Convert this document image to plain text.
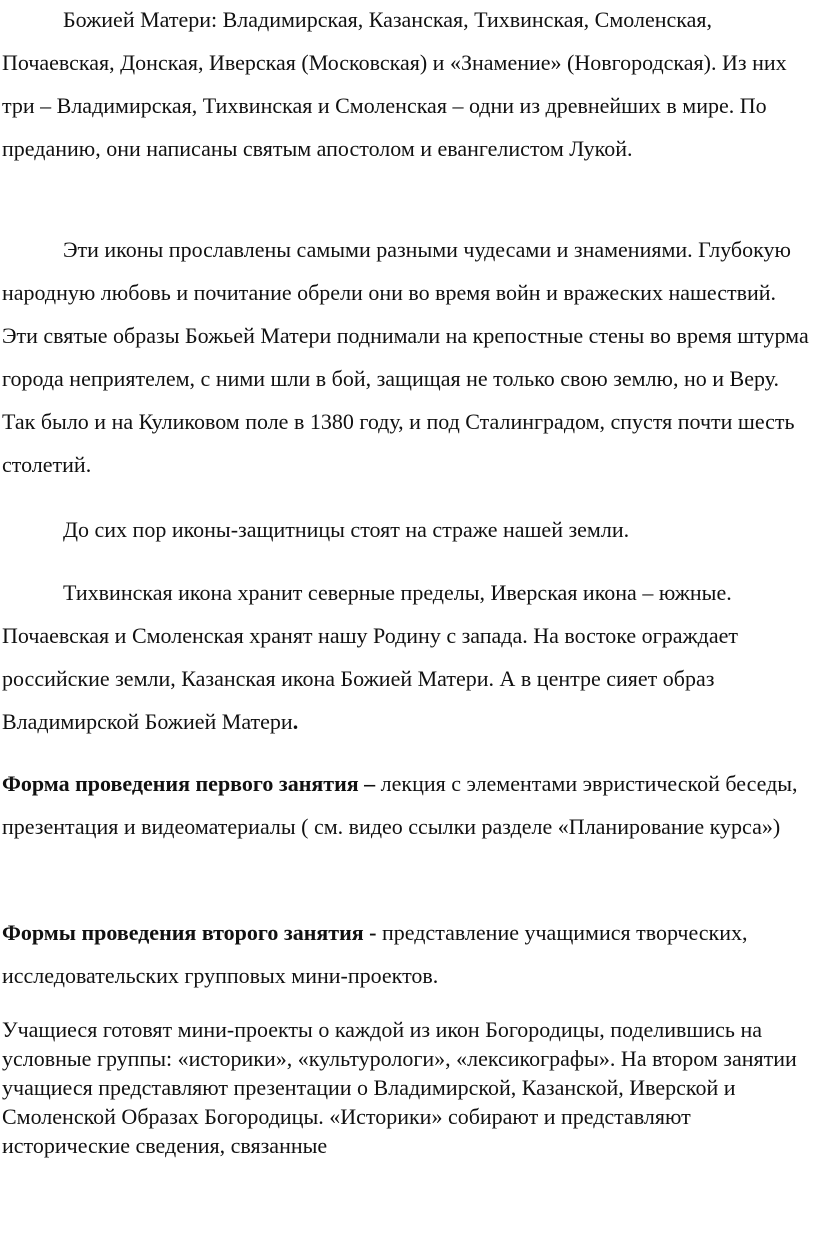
Божией Матери: Владимирская, Казанская, Тихвинская, Смоленская, Почаевская, Донская, Иверская (Московская) и «Знамение» (Новгородская). Из них три – Владимирская, Тихвинская и Смоленская – одни из древнейших в мире. По преданию, они написаны святым апостолом и евангелистом Лукой.

Эти иконы прославлены самыми разными чудесами и знамениями. Глубокую народную любовь и почитание обрели они во время войн и вражеских нашествий. Эти святые образы Божьей Матери поднимали на крепостные стены во время штурма города неприятелем, с ними шли в бой, защищая не только свою землю, но и Веру. Так было и на Куликовом поле в 1380 году, и под Сталинградом, спустя почти шесть столетий.

До сих пор иконы-защитницы стоят на страже нашей земли.

Тихвинская икона хранит северные пределы, Иверская икона – южные. Почаевская и Смоленская хранят нашу Родину с запада. На востоке ограждает российские земли, Казанская икона Божией Матери. А в центре сияет образ Владимирской Божией Матери.

Форма проведения первого занятия – лекция с элементами эвристической беседы, презентация и видеоматериалы ( см. видео ссылки разделе «Планирование курса»)

Формы проведения второго занятия - представление учащимися творческих, исследовательских групповых мини-проектов.

Учащиеся готовят мини-проекты о каждой из икон Богородицы, поделившись на условные группы: «историки», «культурологи», «лексикографы». На втором занятии учащиеся представляют презентации о Владимирской, Казанской, Иверской и Смоленской Образах Богородицы. «Историки» собирают и представляют исторические сведения, связанные
